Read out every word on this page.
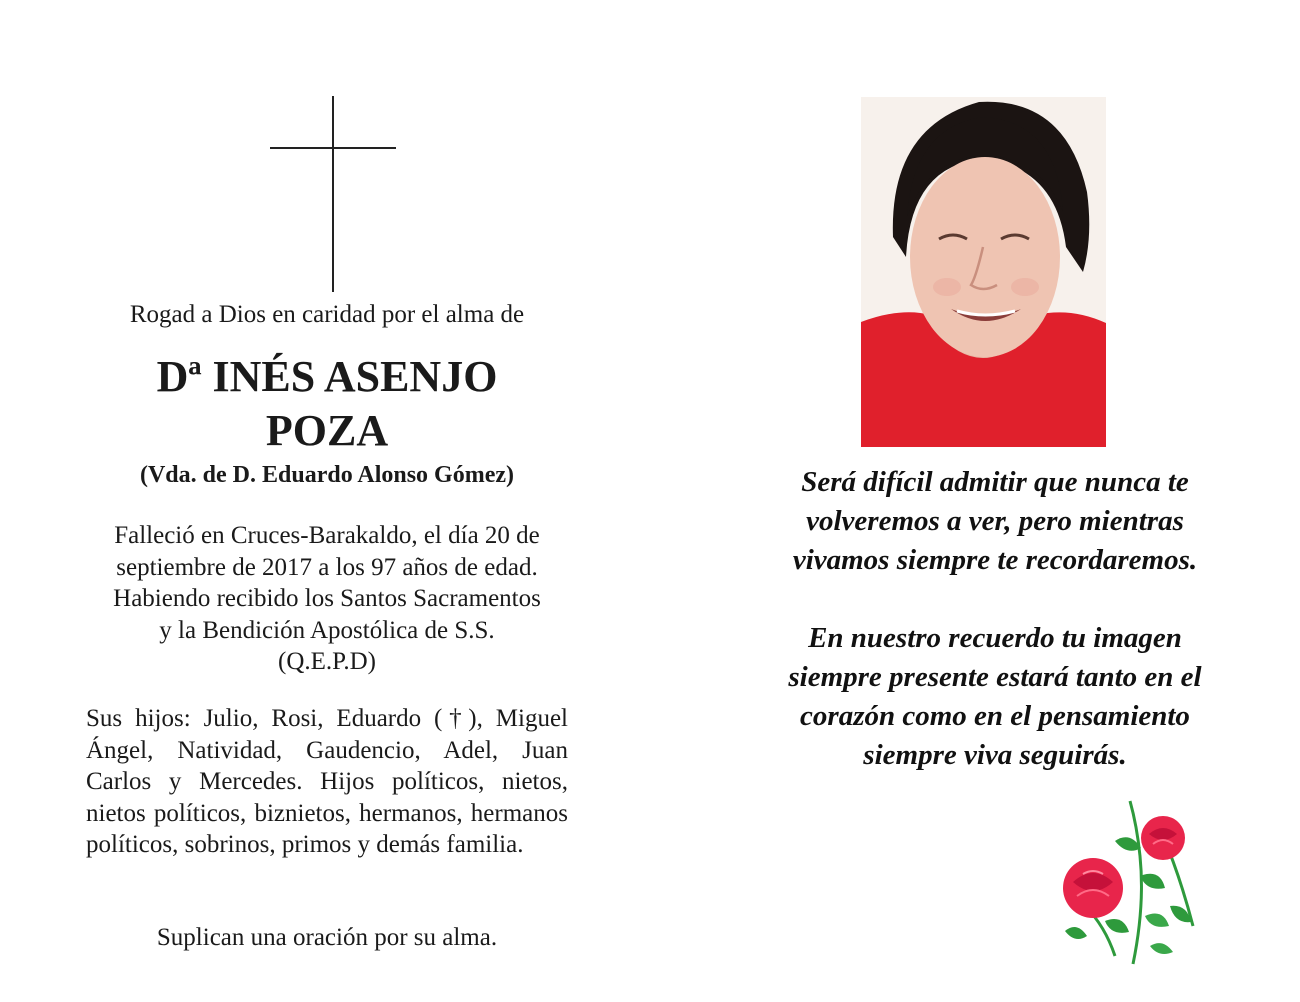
Rogad a Dios en caridad por el alma de
Dª INÉS ASENJO
POZA
(Vda. de D. Eduardo Alonso Gómez)
Falleció en Cruces-Barakaldo, el día 20 de
septiembre de 2017 a los 97 años de edad.
Habiendo recibido los Santos Sacramentos
y la Bendición Apostólica de S.S.
(Q.E.P.D)
Sus hijos: Julio, Rosi, Eduardo (†), Miguel Ángel, Natividad, Gaudencio, Adel, Juan Carlos y Mercedes. Hijos políticos, nietos, nietos políticos, biznietos, hermanos, hermanos políticos, sobrinos, primos y demás familia.
Suplican una oración por su alma.
Será difícil admitir que nunca te
volveremos a ver, pero mientras
vivamos siempre te recordaremos.
En nuestro recuerdo tu imagen
siempre presente estará tanto en el
corazón como en el pensamiento
siempre viva seguirás.
